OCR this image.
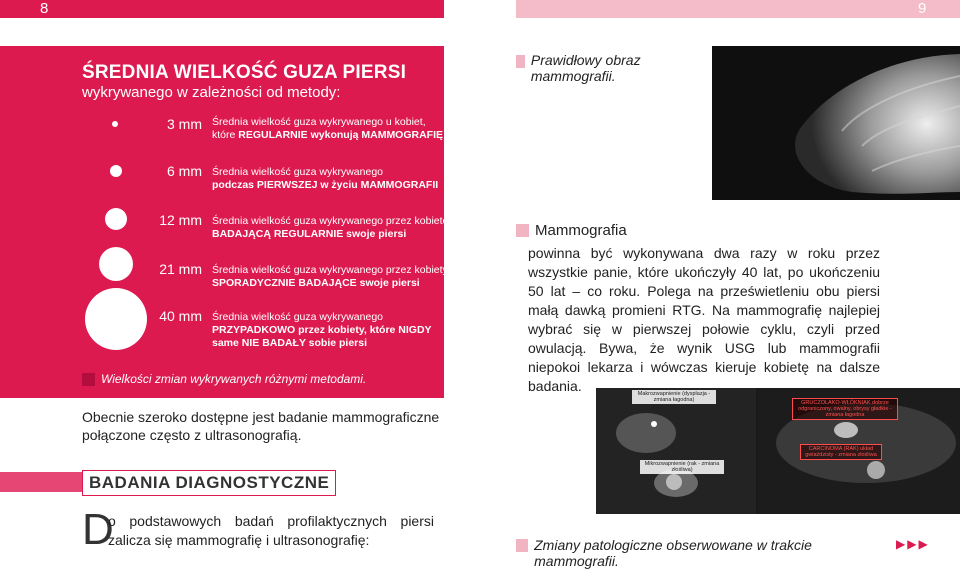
8	9
ŚREDNIA WIELKOŚĆ GUZA PIERSI
wykrywanego w zależności od metody:
3 mm Średnia wielkość guza wykrywanego u kobiet,
które REGULARNIE wykonują MAMMOGRAFIĘ
6 mm Średnia wielkość guza wykrywanego
podczas PIERWSZEJ w życiu MAMMOGRAFII
12 mm Średnia wielkość guza wykrywanego przez kobietę,
BADAJĄCĄ REGULARNIE swoje piersi
21 mm Średnia wielkość guza wykrywanego przez kobiety,
SPORADYCZNIE BADAJĄCE swoje piersi
40 mm Średnia wielkość guza wykrywanego
PRZYPADKOWO przez kobiety, które NIGDY
same NIE BADAŁY sobie piersi
Wielkości zmian wykrywanych różnymi metodami.
Obecnie szeroko dostępne jest badanie mammograficzne połączone często z ultrasonografią.
BADANIA DIAGNOSTYCZNE
D
o podstawowych badań profilaktycznych piersi zalicza się mammografię i ultrasonografię:
Prawidłowy obraz mammografii.
Mammografia
powinna być wykonywana dwa razy w roku przez wszystkie panie, które ukończyły 40 lat, po ukończeniu 50 lat – co roku. Polega na prześwietleniu obu piersi małą dawką promieni RTG. Na mammografię najlepiej wybrać się w pierwszej połowie cyklu, czyli przed owulacją. Bywa, że wynik USG lub mammografii niepokoi lekarza i wówczas kieruje kobietę na dalsze badania.	Makrozwapnienie (dysplazja - zmiana łagodna)
Mikrozwapnienie (rak - zmiana złośliwa)
GRUCZOLAKO-WŁÓKNIAK dobrze odgraniczony, owalny, obrysy gładkie - zmiana łagodna
CARCINOMA (RAK) układ gwiaździsty - zmiana złośliwa
Zmiany patologiczne obserwowane w trakcie mammografii.
▶▶▶
